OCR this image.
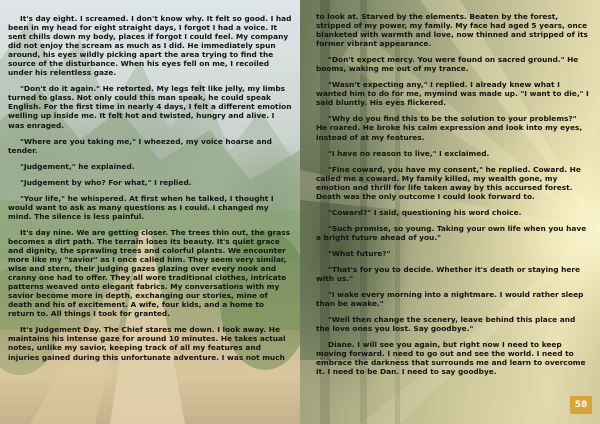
It's day eight. I screamed. I don't know why. It felt so good. I had been in my head for eight straight days, I forgot I had a voice. It sent chills down my body, places if forgot I could feel. My company did not enjoy the scream as much as I did. He immediately spun around, his eyes wildly picking apart the area trying to find the source of the disturbance. When his eyes fell on me, I recoiled under his relentless gaze.

"Don't do it again." He retorted. My legs felt like jelly, my limbs turned to glass. Not only could this man speak, he could speak English. For the first time in nearly 4 days, I felt a different emotion welling up inside me. It felt hot and twisted, hungry and alive. I was enraged.

"Where are you taking me," I wheezed, my voice hoarse and tender.

"Judgement," he explained.

"Judgement by who? For what," I replied.

"Your life," he whispered. At first when he talked, I thought I would want to ask as many questions as I could. I changed my mind. The silence is less painful.

It's day nine. We are getting closer. The trees thin out, the grass becomes a dirt path. The terrain loses its beauty. It's quiet grace and dignity, the sprawling trees and colorful plants. We encounter more like my "savior" as I once called him. They seem very similar, wise and stern, their judging gazes glazing over every nook and cranny one had to offer. They all wore traditional clothes, intricate patterns weaved onto elegant fabrics. My conversations with my savior become more in depth, exchanging our stories, mine of death and his of excitement. A wife, four kids, and a home to return to. All things I took for granted.

It's Judgement Day. The Chief stares me down. I look away. He maintains his intense gaze for around 10 minutes. He takes actual notes, unlike my savior, keeping track of all my features and injuries gained during this unfortunate adventure. I was not much

to look at. Starved by the elements. Beaten by the forest, stripped of my power, my family. My face had aged 5 years, once blanketed with warmth and love, now thinned and stripped of its former vibrant appearance.

"Don't expect mercy. You were found on sacred ground." He booms, waking me out of my trance.

"Wasn't expecting any," I replied. I already knew what I wanted him to do for me, mymind was made up. "I want to die," I said bluntly. His eyes flickered.

"Why do you find this to be the solution to your problems?" He roared. He broke his calm expression and look into my eyes, instead of at my features.

"I have no reason to live," I exclaimed.

"Fine coward, you have my consent," he replied. Coward. He called me a coward. My family killed, my wealth gone, my emotion and thrill for life taken away by this accursed forest. Death was the only outcome I could look forward to.

"Coward?" I said, questioning his word choice.

"Such promise, so young. Taking your own life when you have a bright future ahead of you."

"What future?"

"That's for you to decide. Whether it's death or staying here with us."

"I wake every morning into a nightmare. I would rather sleep than be awake."

"Well then change the scenery, leave behind this place and the love ones you lost. Say goodbye."

Diane. I will see you again, but right now I need to keep moving forward. I need to go out and see the world. I need to embrace the darkness that surrounds me and learn to overcome it. I need to be Dan. I need to say goodbye.

58
